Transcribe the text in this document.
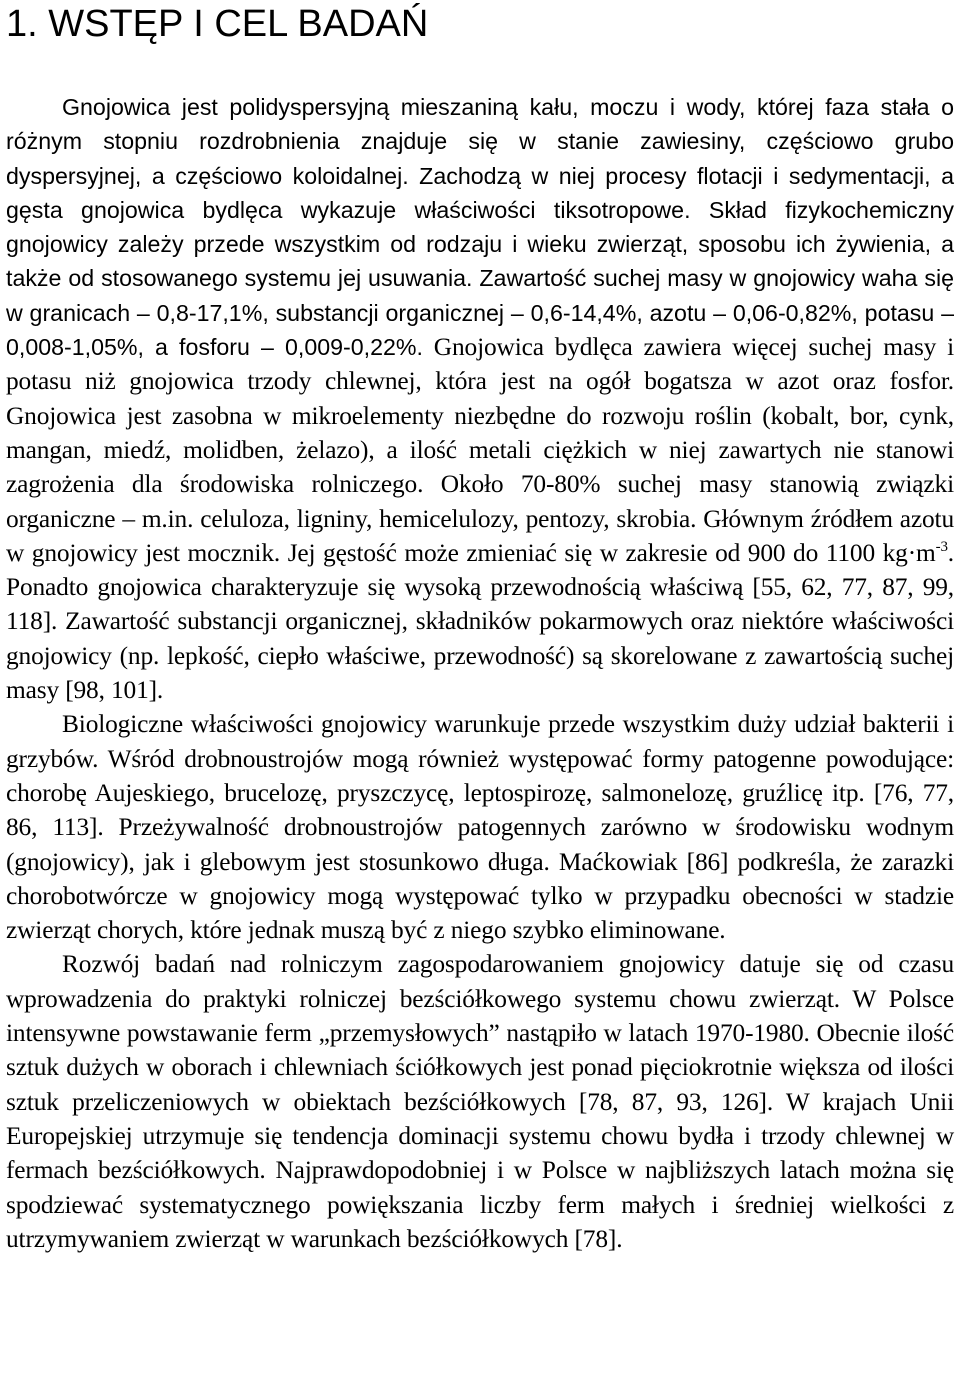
1. WSTĘP I CEL BADAŃ

Gnojowica jest polidyspersyjną mieszaniną kału, moczu i wody, której faza stała o różnym stopniu rozdrobnienia znajduje się w stanie zawiesiny, częściowo grubo dyspersyjnej, a częściowo koloidalnej. Zachodzą w niej procesy flotacji i sedymentacji, a gęsta gnojowica bydlęca wykazuje właściwości tiksotropowe. Skład fizykochemiczny gnojowicy zależy przede wszystkim od rodzaju i wieku zwierząt, sposobu ich żywienia, a także od stosowanego systemu jej usuwania. Zawartość suchej masy w gnojowicy waha się w granicach – 0,8-17,1%, substancji organicznej – 0,6-14,4%, azotu – 0,06-0,82%, potasu – 0,008-1,05%, a fosforu – 0,009-0,22%. Gnojowica bydlęca zawiera więcej suchej masy i potasu niż gnojowica trzody chlewnej, która jest na ogół bogatsza w azot oraz fosfor. Gnojowica jest zasobna w mikroelementy niezbędne do rozwoju roślin (kobalt, bor, cynk, mangan, miedź, molidben, żelazo), a ilość metali ciężkich w niej zawartych nie stanowi zagrożenia dla środowiska rolniczego. Około 70-80% suchej masy stanowią związki organiczne – m.in. celuloza, ligniny, hemicelulozy, pentozy, skrobia. Głównym źródłem azotu w gnojowicy jest mocznik. Jej gęstość może zmieniać się w zakresie od 900 do 1100 $kg\cdot m^{-3}$. Ponadto gnojowica charakteryzuje się wysoką przewodnością właściwą [55, 62, 77, 87, 99, 118]. Zawartość substancji organicznej, składników pokarmowych oraz niektóre właściwości gnojowicy (np. lepkość, ciepło właściwe, przewodność) są skorelowane z zawartością suchej masy [98, 101].

Biologiczne właściwości gnojowicy warunkuje przede wszystkim duży udział bakterii i grzybów. Wśród drobnoustrojów mogą również występować formy patogenne powodujące: chorobę Aujeskiego, brucelozę, pryszczycę, leptospirozę, salmonelozę, gruźlicę itp. [76, 77, 86, 113]. Przeżywalność drobnoustrojów patogennych zarówno w środowisku wodnym (gnojowicy), jak i glebowym jest stosunkowo długa. Maćkowiak [86] podkreśla, że zarazki chorobotwórcze w gnojowicy mogą występować tylko w przypadku obecności w stadzie zwierząt chorych, które jednak muszą być z niego szybko eliminowane.

Rozwój badań nad rolniczym zagospodarowaniem gnojowicy datuje się od czasu wprowadzenia do praktyki rolniczej bezściółkowego systemu chowu zwierząt. W Polsce intensywne powstawanie ferm „przemysłowych” nastąpiło w latach 1970-1980. Obecnie ilość sztuk dużych w oborach i chlewniach ściółkowych jest ponad pięciokrotnie większa od ilości sztuk przeliczeniowych w obiektach bezściółkowych [78, 87, 93, 126]. W krajach Unii Europejskiej utrzymuje się tendencja dominacji systemu chowu bydła i trzody chlewnej w fermach bezściółkowych. Najprawdopodobniej i w Polsce w najbliższych latach można się spodziewać systematycznego powiększania liczby ferm małych i średniej wielkości z utrzymywaniem zwierząt w warunkach bezściółkowych [78].
